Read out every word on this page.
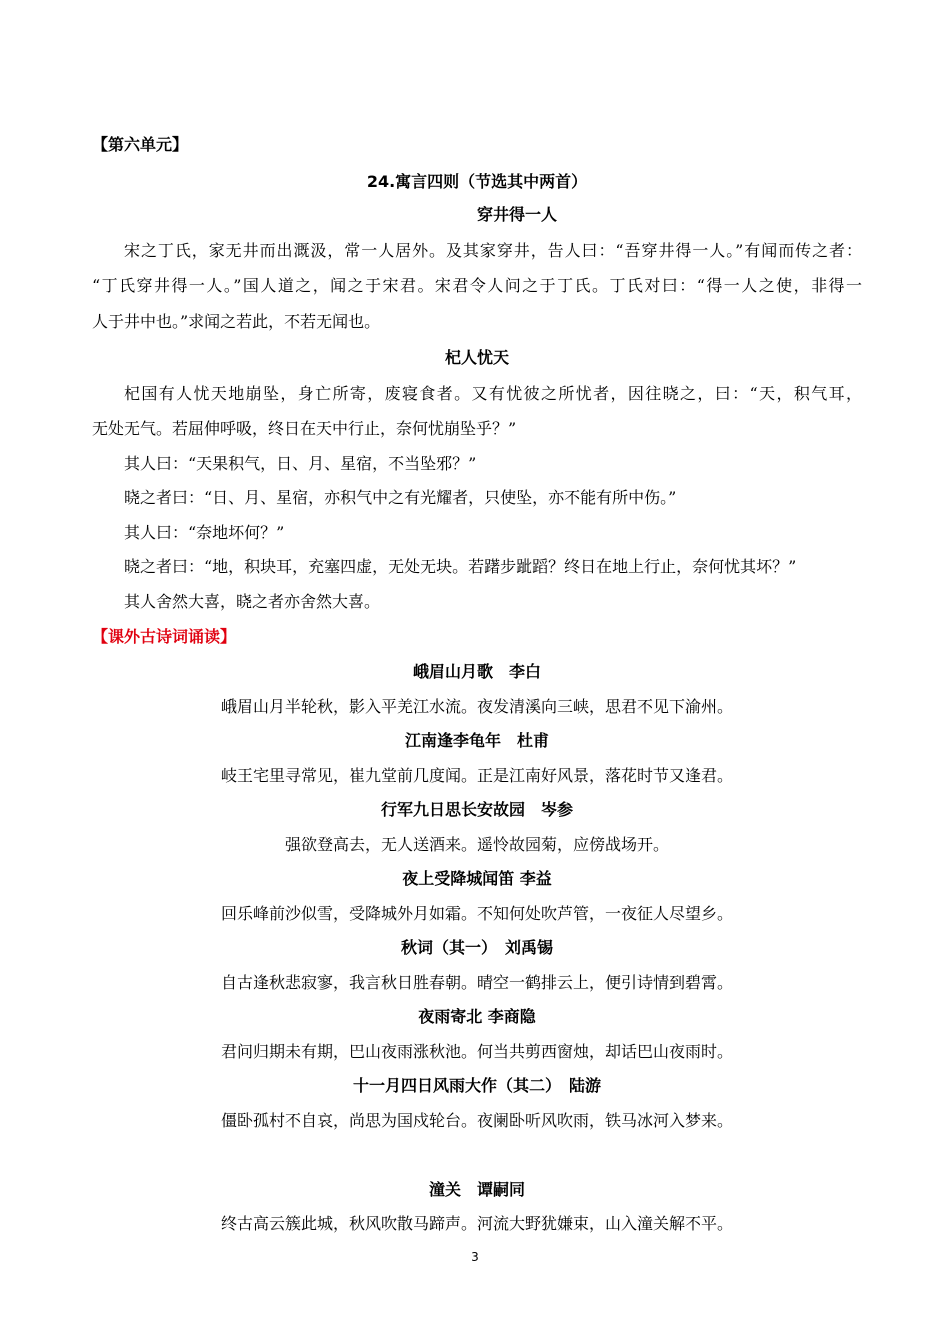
【第六单元】
24.寓言四则（节选其中两首）
穿井得一人
宋之丁氏，家无井而出溉汲，常一人居外。及其家穿井，告人曰：“吾穿井得一人。”有闻而传之者：
“丁氏穿井得一人。”国人道之，闻之于宋君。宋君令人问之于丁氏。丁氏对曰：“得一人之使，非得一
人于井中也。”求闻之若此，不若无闻也。
杞人忧天
杞国有人忧天地崩坠，身亡所寄，废寝食者。又有忧彼之所忧者，因往晓之，曰：“天，积气耳，
无处无气。若屈伸呼吸，终日在天中行止，奈何忧崩坠乎？”
其人曰：“天果积气，日、月、星宿，不当坠邪？”
晓之者曰：“日、月、星宿，亦积气中之有光耀者，只使坠，亦不能有所中伤。”
其人曰：“奈地坏何？”
晓之者曰：“地，积块耳，充塞四虚，无处无块。若躇步跐蹈？终日在地上行止，奈何忧其坏？”
其人舍然大喜，晓之者亦舍然大喜。
【课外古诗词诵读】
峨眉山月歌　李白
峨眉山月半轮秋，影入平羌江水流。夜发清溪向三峡，思君不见下渝州。
江南逢李龟年　杜甫
岐王宅里寻常见，崔九堂前几度闻。正是江南好风景，落花时节又逢君。
行军九日思长安故园　岑参
强欲登高去，无人送酒来。遥怜故园菊，应傍战场开。
夜上受降城闻笛 李益
回乐峰前沙似雪，受降城外月如霜。不知何处吹芦管，一夜征人尽望乡。
秋词（其一）　刘禹锡
自古逢秋悲寂寥，我言秋日胜春朝。晴空一鹤排云上，便引诗情到碧霄。
夜雨寄北 李商隐
君问归期未有期，巴山夜雨涨秋池。何当共剪西窗烛，却话巴山夜雨时。
十一月四日风雨大作（其二）　陆游
僵卧孤村不自哀，尚思为国戍轮台。夜阑卧听风吹雨，铁马冰河入梦来。
潼关　谭嗣同
终古高云簇此城，秋风吹散马蹄声。河流大野犹嫌束，山入潼关解不平。
3
